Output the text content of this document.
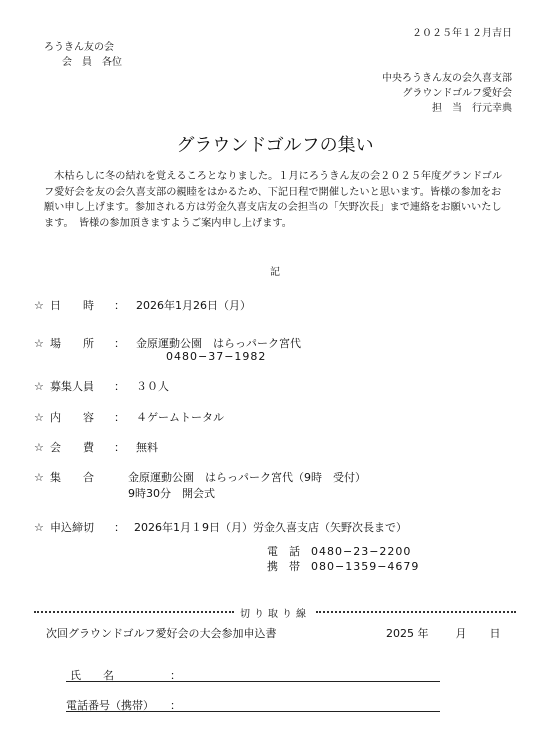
２０２５年１２月吉日
ろうきん友の会
会　員　各位
中央ろうきん友の会久喜支部
グラウンドゴルフ愛好会
担　当　行元幸典
グラウンドゴルフの集い
　木枯らしに冬の結れを覚えるころとなりました。１月にろうきん友の会２０２５年度グランドゴルフ愛好会を友の会久喜支部の親睦をはかるため、下記日程で開催したいと思います。皆様の参加をお願い申し上げます。参加される方は労金久喜支店友の会担当の「矢野次長」まで連絡をお願いいたします。　皆様の参加頂きますようご案内申し上げます。
記
☆ 日　　時 ： 2026年1月26日（月）
☆ 場　　所 ： 金原運動公園　はらっパーク宮代
0480−37−1982
☆ 募集人員 ： ３０人
☆ 内　　容 ： ４ゲームトータル
☆ 会　　費 ： 無料
☆ 集　　合	金原運動公園　はらっパーク宮代（9時　受付）
9時30分　開会式
☆ 申込締切 ： 2026年1月１9日（月）労金久喜支店（矢野次長まで）
電　話　 0480−23−2200
携　帯　 080−1359−4679
切り取り線
次回グラウンドゴルフ愛好会の大会参加申込書	2025 年 月 日
氏　　名	：
電話番号（携帯） ：
